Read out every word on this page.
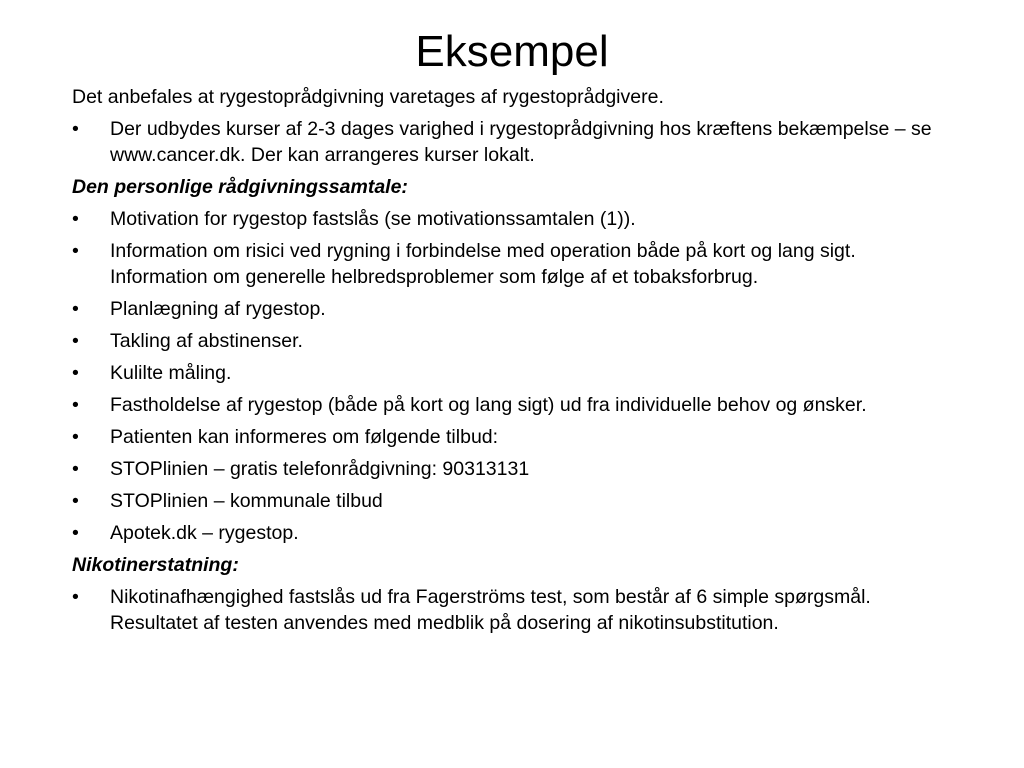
Eksempel

Det anbefales at rygestoprådgivning varetages af rygestoprådgivere.

•	Der udbydes kurser af 2-3 dages varighed i rygestoprådgivning hos kræftens bekæmpelse – se www.cancer.dk. Der kan arrangeres kurser lokalt.

Den personlige rådgivningssamtale:

•	Motivation for rygestop fastslås (se motivationssamtalen (1)).
•	Information om risici ved rygning i forbindelse med operation både på kort og lang sigt. Information om generelle helbredsproblemer som følge af et tobaksforbrug.
•	Planlægning af rygestop.
•	Takling af abstinenser.
•	Kulilte måling.
•	Fastholdelse af rygestop (både på kort og lang sigt) ud fra individuelle behov og ønsker.
•	Patienten kan informeres om følgende tilbud:
•	STOPlinien – gratis telefonrådgivning: 90313131
•	STOPlinien – kommunale tilbud
•	Apotek.dk – rygestop.

Nikotinerstatning:

•	Nikotinafhængighed fastslås ud fra Fagerströms test, som består af 6 simple spørgsmål. Resultatet af testen anvendes med medblik på dosering af nikotinsubstitution.
